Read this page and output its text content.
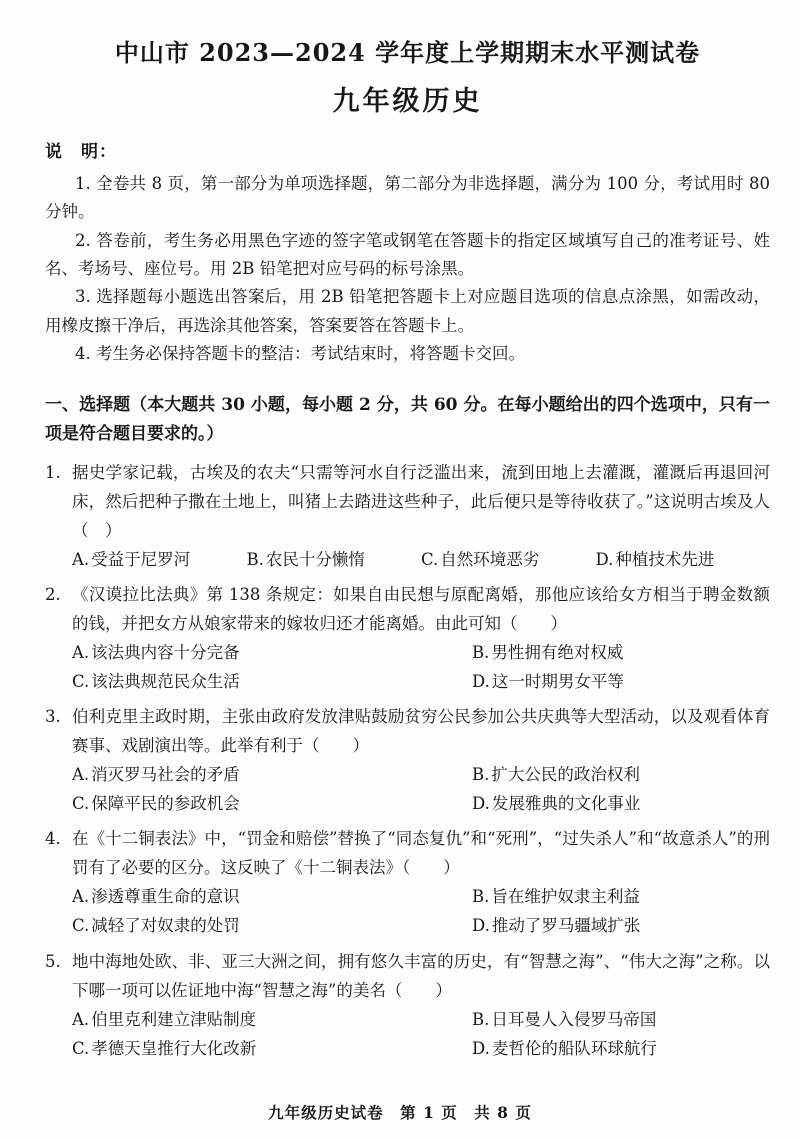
中山市 2023—2024 学年度上学期期末水平测试卷
九年级历史

说　明：

1. 全卷共 8 页，第一部分为单项选择题，第二部分为非选择题，满分为 100 分，考试用时 80 分钟。

2. 答卷前，考生务必用黑色字迹的签字笔或钢笔在答题卡的指定区域填写自己的准考证号、姓名、考场号、座位号。用 2B 铅笔把对应号码的标号涂黑。

3. 选择题每小题选出答案后，用 2B 铅笔把答题卡上对应题目选项的信息点涂黑，如需改动，用橡皮擦干净后，再选涂其他答案，答案要答在答题卡上。

4. 考生务必保持答题卡的整洁：考试结束时，将答题卡交回。

一、选择题（本大题共 30 小题，每小题 2 分，共 60 分。在每小题给出的四个选项中，只有一项是符合题目要求的。）

1. 据史学家记载，古埃及的农夫“只需等河水自行泛滥出来，流到田地上去灌溉，灌溉后再退回河床，然后把种子撒在土地上，叫猪上去踏进这些种子，此后便只是等待收获了。”这说明古埃及人（　）
A. 受益于尼罗河	B. 农民十分懒惰	C. 自然环境恶劣	D. 种植技术先进
2. 《汉谟拉比法典》第 138 条规定：如果自由民想与原配离婚，那他应该给女方相当于聘金数额的钱，并把女方从娘家带来的嫁妆归还才能离婚。由此可知（　　）
A. 该法典内容十分完备	B. 男性拥有绝对权威
C. 该法典规范民众生活	D. 这一时期男女平等
3. 伯利克里主政时期，主张由政府发放津贴鼓励贫穷公民参加公共庆典等大型活动，以及观看体育赛事、戏剧演出等。此举有利于（　　）
A. 消灭罗马社会的矛盾	B. 扩大公民的政治权利
C. 保障平民的参政机会	D. 发展雅典的文化事业
4. 在《十二铜表法》中，“罚金和赔偿”替换了“同态复仇”和“死刑”，“过失杀人”和“故意杀人”的刑罚有了必要的区分。这反映了《十二铜表法》（　　）
A. 渗透尊重生命的意识	B. 旨在维护奴隶主利益
C. 减轻了对奴隶的处罚	D. 推动了罗马疆域扩张
5. 地中海地处欧、非、亚三大洲之间，拥有悠久丰富的历史，有“智慧之海”、“伟大之海”之称。以下哪一项可以佐证地中海“智慧之海”的美名（　　）
A. 伯里克利建立津贴制度	B. 日耳曼人入侵罗马帝国
C. 孝德天皇推行大化改新	D. 麦哲伦的船队环球航行
九年级历史试卷　第 1 页　共 8 页
